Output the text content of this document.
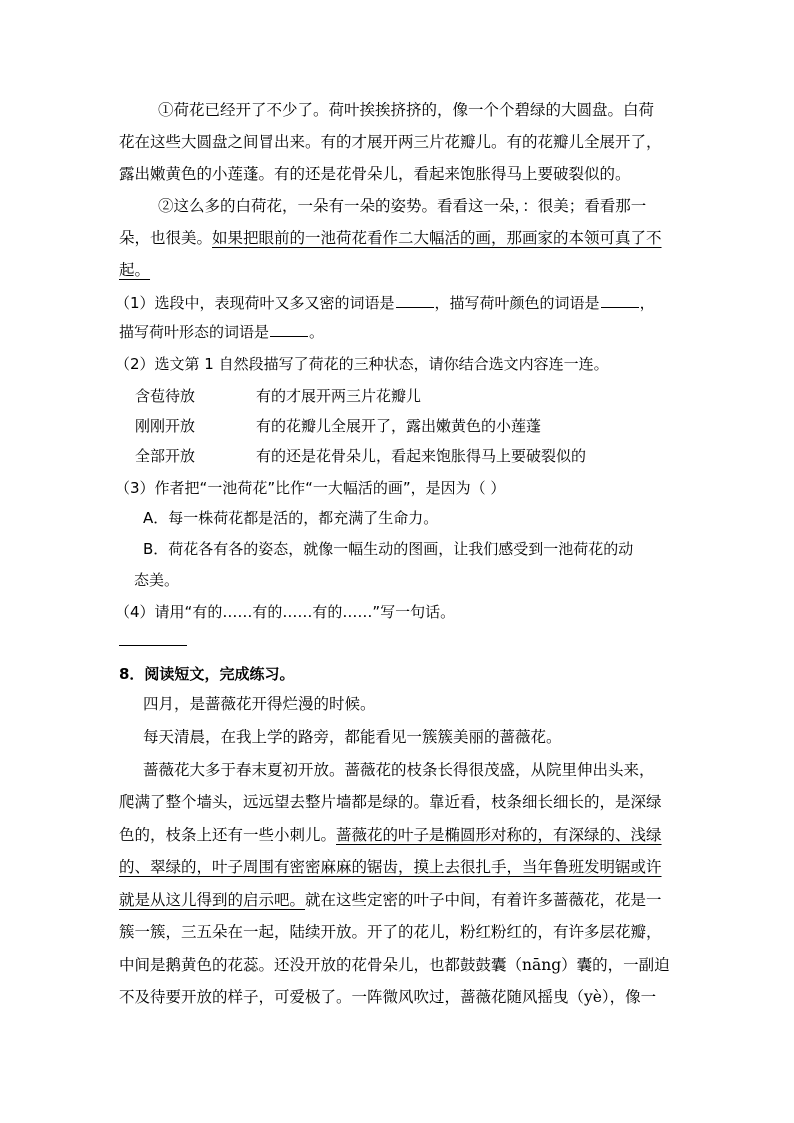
①荷花已经开了不少了。荷叶挨挨挤挤的，像一个个碧绿的大圆盘。白荷
花在这些大圆盘之间冒出来。有的才展开两三片花瓣儿。有的花瓣儿全展开了，
露出嫩黄色的小莲蓬。有的还是花骨朵儿，看起来饱胀得马上要破裂似的。
②这么多的白荷花，一朵有一朵的姿势。看看这一朵，：很美；看看那一
朵，也很美。如果把眼前的一池荷花看作二大幅活的画，那画家的本领可真了不
起。
（1）选段中，表现荷叶又多又密的词语是	，描写荷叶颜色的词语是	，
描写荷叶形态的词语是	。
（2）选文第 1 自然段描写了荷花的三种状态，请你结合选文内容连一连。
含苞待放	有的才展开两三片花瓣儿
刚刚开放	有的花瓣儿全展开了，露出嫩黄色的小莲蓬
全部开放	有的还是花骨朵儿，看起来饱胀得马上要破裂似的
（3）作者把“一池荷花”比作“一大幅活的画”，是因为（ ）
A．每一株荷花都是活的，都充满了生命力。
B．荷花各有各的姿态，就像一幅生动的图画，让我们感受到一池荷花的动
态美。
（4）请用“有的……有的……有的……”写一句话。
8．阅读短文，完成练习。
四月，是蔷薇花开得烂漫的时候。
每天清晨，在我上学的路旁，都能看见一簇簇美丽的蔷薇花。
蔷薇花大多于春末夏初开放。蔷薇花的枝条长得很茂盛，从院里伸出头来，
爬满了整个墙头，远远望去整片墙都是绿的。靠近看，枝条细长细长的，是深绿
色的，枝条上还有一些小刺儿。蔷薇花的叶子是椭圆形对称的，有深绿的、浅绿
的、翠绿的，叶子周围有密密麻麻的锯齿，摸上去很扎手，当年鲁班发明锯或许
就是从这儿得到的启示吧。就在这些定密的叶子中间，有着许多蔷薇花，花是一
簇一簇，三五朵在一起，陆续开放。开了的花儿，粉红粉红的，有许多层花瓣，
中间是鹅黄色的花蕊。还没开放的花骨朵儿，也都鼓鼓囊（nāng）囊的，一副迫
不及待要开放的样子，可爱极了。一阵微风吹过，蔷薇花随风摇曳（yè），像一
